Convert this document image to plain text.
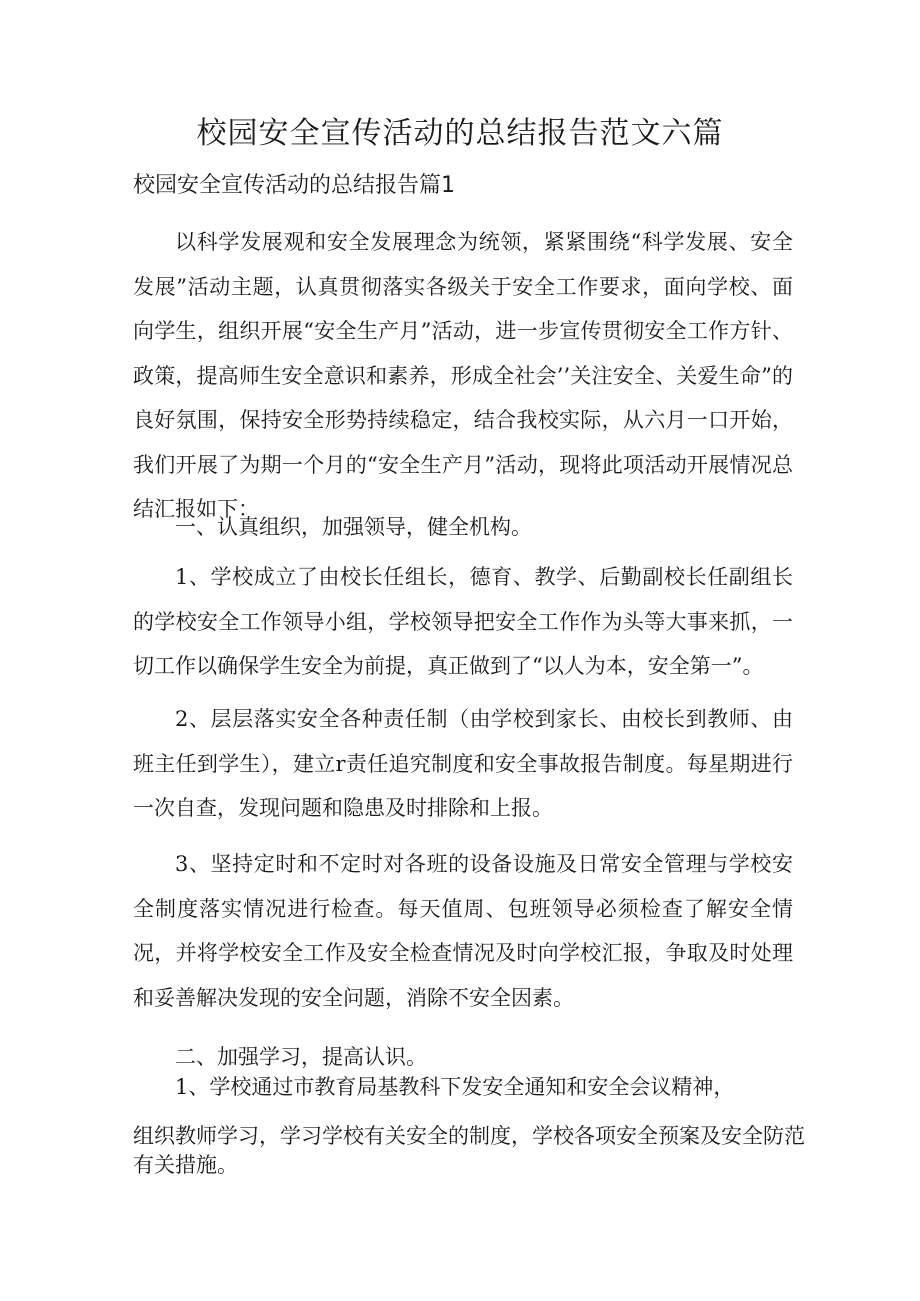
校园安全宣传活动的总结报告范文六篇
校园安全宣传活动的总结报告篇1

以科学发展观和安全发展理念为统领，紧紧围绕“科学发展、安全发展”活动主题，认真贯彻落实各级关于安全工作要求，面向学校、面向学生，组织开展“安全生产月”活动，进一步宣传贯彻安全工作方针、政策，提高师生安全意识和素养，形成全社会’’关注安全、关爱生命”的良好氛围，保持安全形势持续稳定，结合我校实际，从六月一口开始，我们开展了为期一个月的“安全生产月”活动，现将此项活动开展情况总结汇报如下：

一、认真组织，加强领导，健全机构。

1、学校成立了由校长任组长，德育、教学、后勤副校长任副组长的学校安全工作领导小组，学校领导把安全工作作为头等大事来抓，一切工作以确保学生安全为前提，真正做到了“以人为本，安全第一”。

2、层层落实安全各种责任制（由学校到家长、由校长到教师、由班主任到学生），建立r责任追究制度和安全事故报告制度。每星期进行一次自查，发现问题和隐患及时排除和上报。

3、坚持定时和不定时对各班的设备设施及日常安全管理与学校安全制度落实情况进行检查。每天值周、包班领导必须检查了解安全情况，并将学校安全工作及安全检查情况及时向学校汇报，争取及时处理和妥善解决发现的安全问题，消除不安全因素。

二、加强学习，提高认识。

1、学校通过市教育局基教科下发安全通知和安全会议精神，
组织教师学习，学习学校有关安全的制度，学校各项安全预案及安全防范
有关措施。
